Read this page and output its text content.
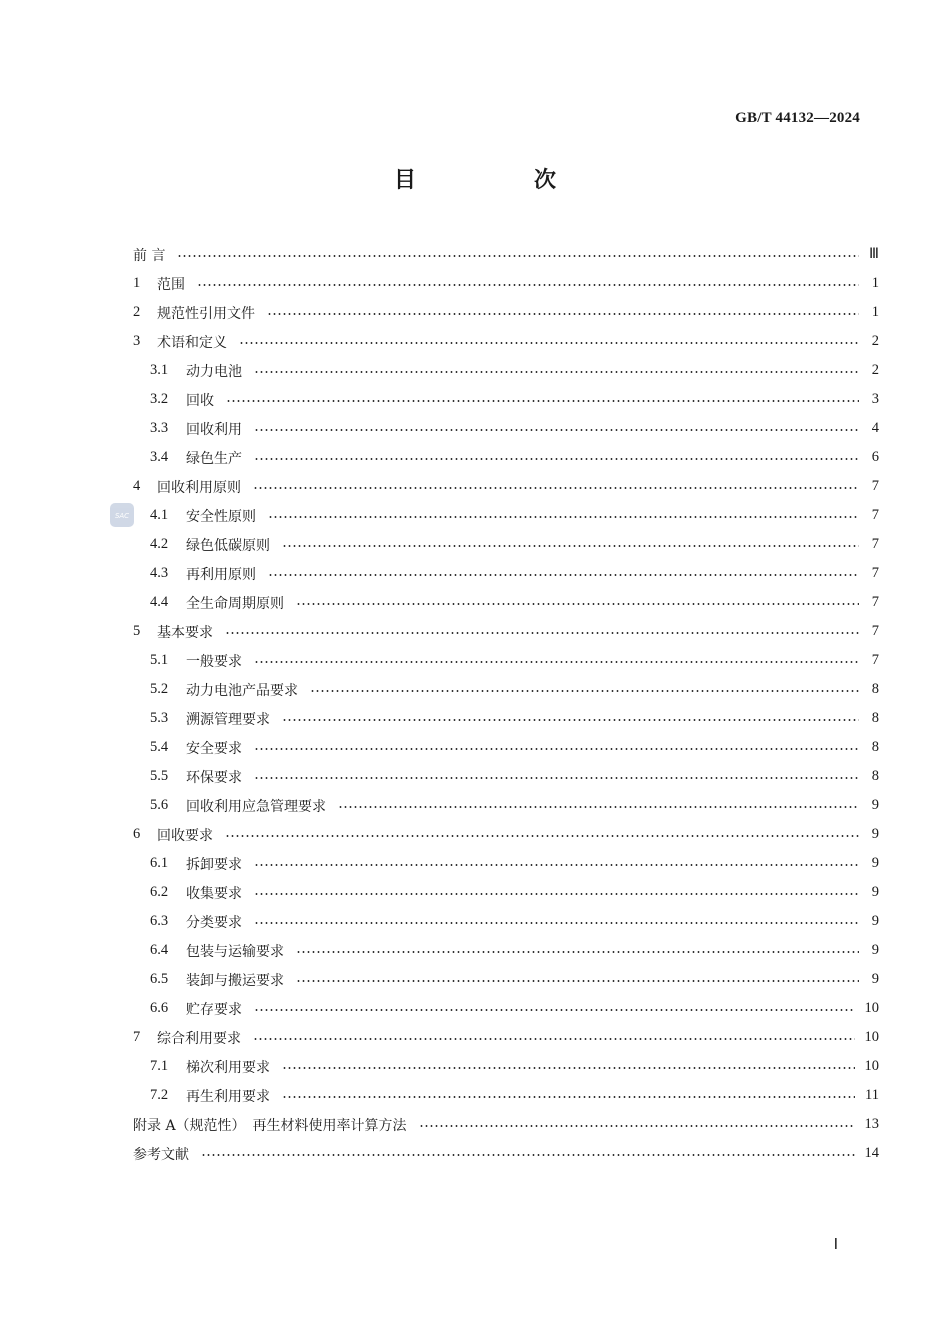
GB/T 44132—2024
目　次
SAC
前 言	Ⅲ
1	范围	1
2	规范性引用文件	1
3	术语和定义	2
3.1	动力电池	2
3.2	回收	3
3.3	回收利用	4
3.4	绿色生产	6
4	回收利用原则	7
4.1	安全性原则	7
4.2	绿色低碳原则	7
4.3	再利用原则	7
4.4	全生命周期原则	7
5	基本要求	7
5.1	一般要求	7
5.2	动力电池产品要求	8
5.3	溯源管理要求	8
5.4	安全要求	8
5.5	环保要求	8
5.6	回收利用应急管理要求	9
6	回收要求	9
6.1	拆卸要求	9
6.2	收集要求	9
6.3	分类要求	9
6.4	包装与运输要求	9
6.5	装卸与搬运要求	9
6.6	贮存要求	10
7	综合利用要求	10
7.1	梯次利用要求	10
7.2	再生利用要求	11
附录 A（规范性）　再生材料使用率计算方法	13
参考文献	14
Ⅰ
